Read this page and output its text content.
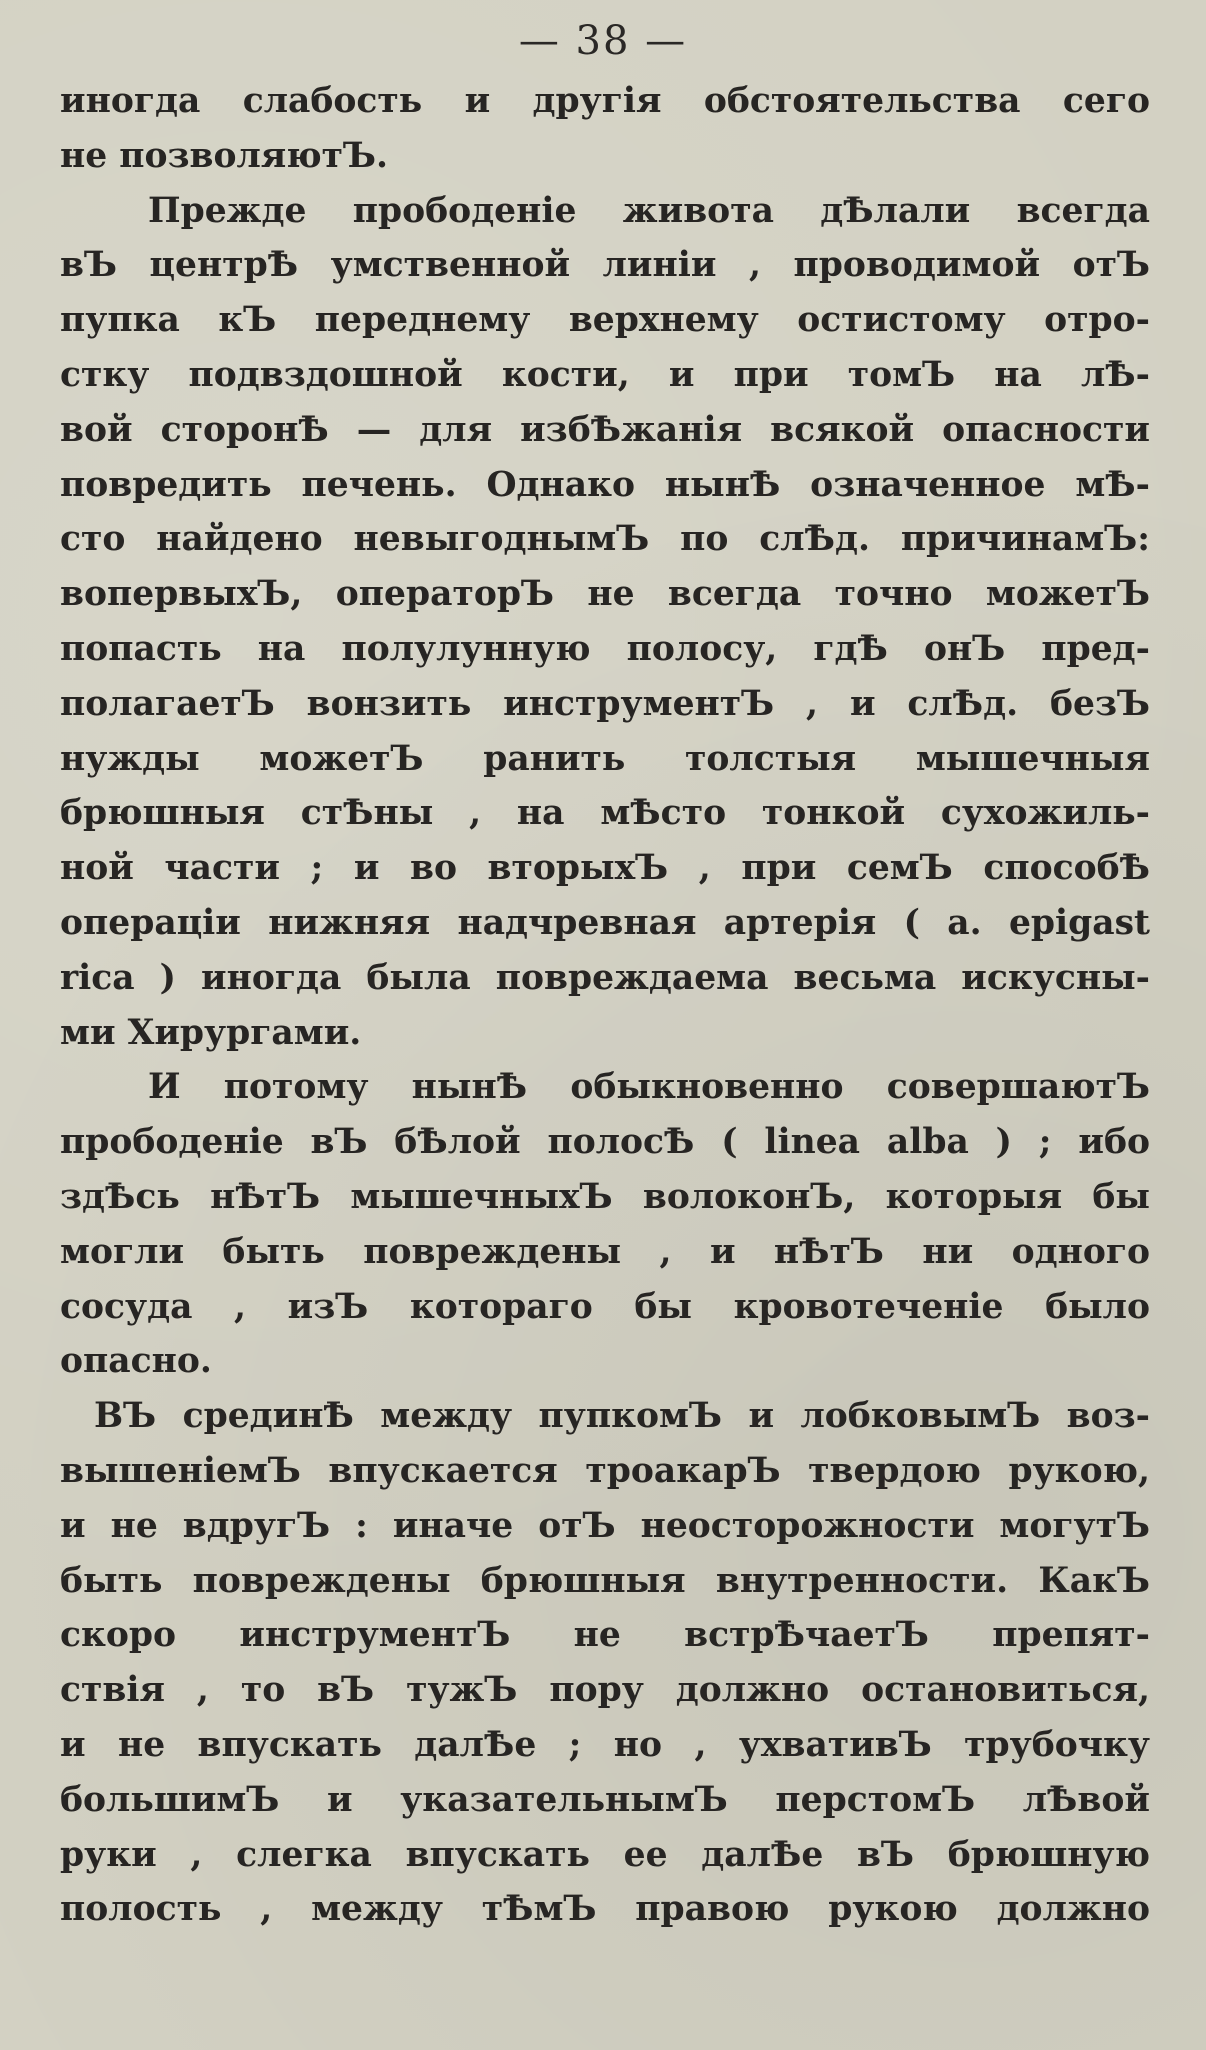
— 38 —
иногда слабость и другія обстоятельства сего
не позволяютЪ.
Прежде прободеніе живота дѢлали всегда
вЪ центрѢ умственной линіи , проводимой отЪ
пупка кЪ переднему верхнему остистому отро-
стку подвздошной кости, и при томЪ на лѢ-
вой сторонѢ — для избѢжанія всякой опасности
повредить печень. Однако нынѢ означенное мѢ-
сто найдено невыгоднымЪ по слѢд. причинамЪ:
вопервыхЪ, операторЪ не всегда точно можетЪ
попасть на полулунную полосу, гдѢ онЪ пред-
полагаетЪ вонзить инструментЪ , и слѢд. безЪ
нужды можетЪ ранить толстыя мышечныя
брюшныя стѢны , на мѢсто тонкой сухожиль-
ной части ; и во вторыхЪ , при семЪ способѢ
операціи нижняя надчревная артерія ( a. epigast
rica ) иногда была повреждаема весьма искусны-
ми Хирургами.
И потому нынѢ обыкновенно совершаютЪ
прободеніе вЪ бѢлой полосѢ ( linea alba ) ; ибо
здѢсь нѢтЪ мышечныхЪ волоконЪ, которыя бы
могли быть повреждены , и нѢтЪ ни одного
сосуда , изЪ котораго бы кровотеченіе было
опасно.
ВЪ срединѢ между пупкомЪ и лобковымЪ воз-
вышеніемЪ впускается троакарЪ твердою рукою,
и не вдругЪ : иначе отЪ неосторожности могутЪ
быть повреждены брюшныя внутренности. КакЪ
скоро инструментЪ не встрѢчаетЪ препят-
ствія , то вЪ тужЪ пору должно остановиться,
и не впускать далѢе ; но , ухвативЪ трубочку
большимЪ и указательнымЪ перстомЪ лѢвой
руки , слегка впускать ее далѢе вЪ брюшную
полость , между тѢмЪ правою рукою должно
